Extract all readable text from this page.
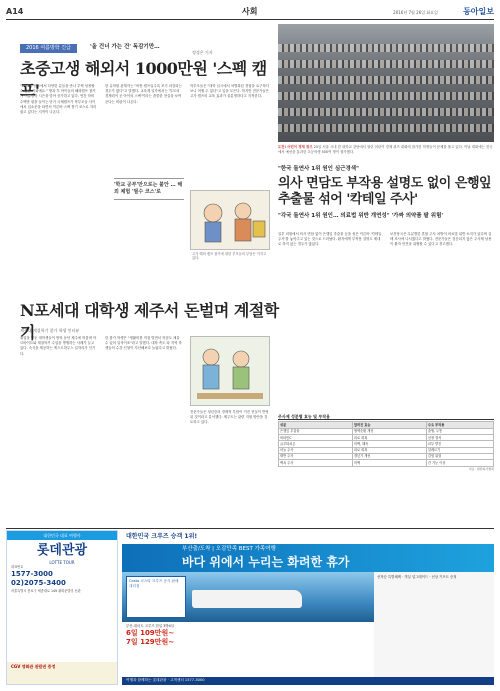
A14	사회	2016년 7월 26일 화요일	동아일보
2016 여름방학 긴급	'올 건너 가는 건' 독감기만…
정성은 기자
초중고생 해외서 1000만원 '스펙 캠프'
"4박5일 캠프에서 다양한 분들을 만나 부쩍 성장할 수 있는 기회예요." 방과 후 아이들의 해외캠프 참가가 여름방학 시즌을 맞아 증가하고 있다. 연간 학비 수백만 원을 들이는 단기 국제캠프가 학부모들 사이에서 입소문을 타면서 이른바 스펙 쌓기 코스로 자리잡고 있다는 지적이 나온다.
한 유학원 관계자는 "비싼 캠프일수록 조기 마감되는 경우가 많다"고 말했다. 교육계 일각에서는 '부모의 경제력이 곧 아이의 스펙'이라는 씁쓸한 현실을 보여준다는 비판이 나온다.
학부모들은 "대학 입시에서 차별화된 경험을 요구하다 보니 어쩔 수 없다"고 입을 모은다. 하지만 전문가들은 고가 캠프의 교육 효과가 불분명하다고 지적한다.
'학교 공부'만으로는 불안 … 해외 체험 '필수 코스'로
고가 해외 캠프 참가에 대한 부모들의 부담은 커지고 있다.
N포세대 대학생 제주서 돈벌며 계절학기
제주대 계절학기 참가 학생 인터뷰
취업을 앞둔 대학생들이 방학 동안 제주에 머물며 아르바이트와 계절학기 수업을 병행하는 사례가 늘고 있다. 숙식을 제공하는 게스트하우스 일자리가 인기다.
한 참가 학생은 "생활비를 직접 벌면서 학점도 채울 수 있어 일석이조"라고 말했다. 대학 측도 타 지역 학생들의 수강 신청이 지난해보다 늘었다고 밝혔다.
전문가들은 청년층의 경제적 부담이 커진 현실이 반영된 것이라고 분석했다. 제주도는 관련 지원 방안을 검토하고 있다.
도전! 어린이 경제 퀴즈 25일 서울 시내 한 대학교 강당에서 열린 어린이 경제 퀴즈 대회에 참가한 학생들이 문제를 풀고 있다. 이날 대회에는 전국에서 예선을 통과한 초등학생 500여 명이 참가했다.
"한국 돌연사 1위 원인 심근경색"
의사 면담도 부작용 설명도 없이 은행잎 추출물 섞어 '칵테일 주사'
"각국 돌연사 1위 원인… 의료법 위반 개연성" '가짜 의약품 팔 위험'
일부 의원에서 의사 면담 없이 은행잎 추출물 등을 섞은 이른바 '칵테일 주사'를 놓아주고 있는 것으로 드러났다. 환자에게 부작용 설명도 제대로 하지 않는 경우가 많았다.
보건당국은 무분별한 혼합 주사 처방이 의료법 위반 소지가 있다며 실태 조사에 나서겠다고 밝혔다. 전문가들은 검증되지 않은 주사제 남용이 환자 안전을 위협할 수 있다고 경고했다.
주사제 성분별 효능 및 부작용
성분	알려진 효능	주요 부작용
은행잎 추출물	혈액순환 개선	출혈, 두통
비타민C	피로 회복	신장 결석
글루타치온	미백, 해독	피부 발진
마늘 주사	피로 회복	알레르기
태반 주사	갱년기 개선	감염 위험
백옥 주사	미백	간 기능 이상
자료: 대한의사협회
대한민국 대표 여행사
롯데관광
LOTTE TOUR
대표번호
1577-3000
02)2075-3400
서울특별시 종로구 세종대로 149 광화문빌딩 신관
CGV 영화관 관람권 증정
대한민국 크루즈 승객 1위!
부산출/도착 | 오감만족 BEST 가족여행
바다 위에서 누리는 화려한 휴가
Costa 코스타 크루즈 공식 판매 대리점
부산-대마도 크루즈 한일 3박4일
6일 109만원~
7일 129만원~
선착순 특별혜택 · 객실 업그레이드 · 선상 기프트 증정
여행과 함께하는 롯데관광 · 고객센터 1577-3000
